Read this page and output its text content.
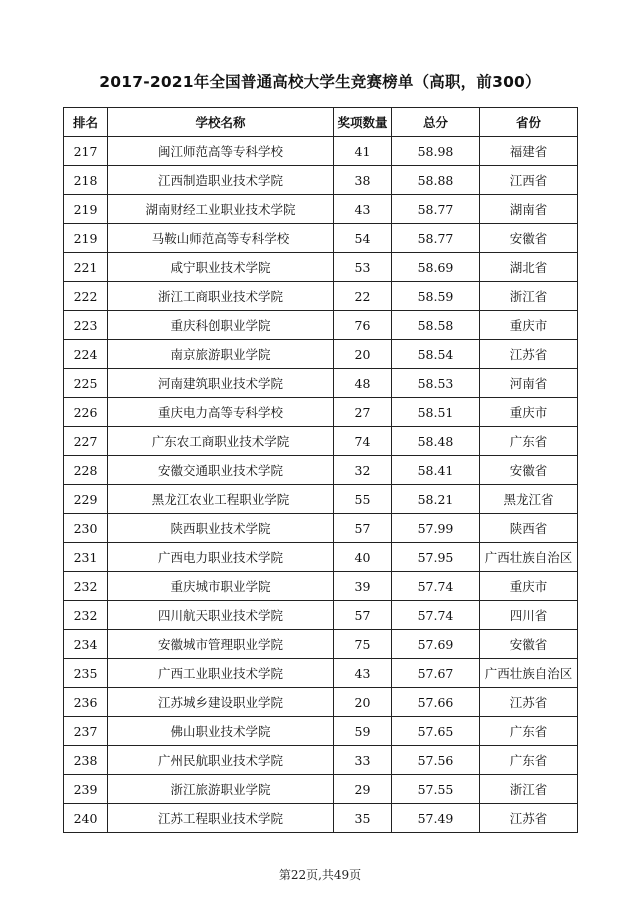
2017-2021年全国普通高校大学生竞赛榜单（高职，前300）
排名	学校名称	奖项数量	总分	省份
217	闽江师范高等专科学校	41	58.98	福建省
218	江西制造职业技术学院	38	58.88	江西省
219	湖南财经工业职业技术学院	43	58.77	湖南省
219	马鞍山师范高等专科学校	54	58.77	安徽省
221	咸宁职业技术学院	53	58.69	湖北省
222	浙江工商职业技术学院	22	58.59	浙江省
223	重庆科创职业学院	76	58.58	重庆市
224	南京旅游职业学院	20	58.54	江苏省
225	河南建筑职业技术学院	48	58.53	河南省
226	重庆电力高等专科学校	27	58.51	重庆市
227	广东农工商职业技术学院	74	58.48	广东省
228	安徽交通职业技术学院	32	58.41	安徽省
229	黑龙江农业工程职业学院	55	58.21	黑龙江省
230	陕西职业技术学院	57	57.99	陕西省
231	广西电力职业技术学院	40	57.95	广西壮族自治区
232	重庆城市职业学院	39	57.74	重庆市
232	四川航天职业技术学院	57	57.74	四川省
234	安徽城市管理职业学院	75	57.69	安徽省
235	广西工业职业技术学院	43	57.67	广西壮族自治区
236	江苏城乡建设职业学院	20	57.66	江苏省
237	佛山职业技术学院	59	57.65	广东省
238	广州民航职业技术学院	33	57.56	广东省
239	浙江旅游职业学院	29	57.55	浙江省
240	江苏工程职业技术学院	35	57.49	江苏省
第22页,共49页
